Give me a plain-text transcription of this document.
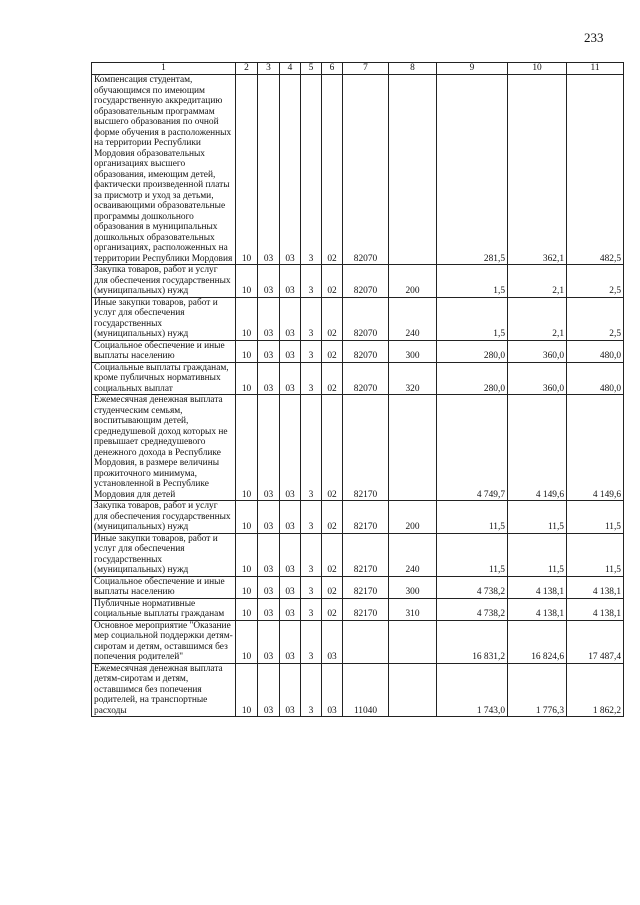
233
1	2	3	4	5	6	7	8	9	10	11
Компенсация студентам, обучающимся по имеющим государственную аккредитацию образовательным программам высшего образования по очной форме обучения в расположенных на территории Республики Мордовия образовательных организациях высшего образования, имеющим детей, фактически произведенной платы за присмотр и уход за детьми, осваивающими образовательные программы дошкольного образования в муниципальных дошкольных образовательных организациях, расположенных на территории Республики Мордовия	10	03	03	3	02	82070		281,5	362,1	482,5
Закупка товаров, работ и услуг для обеспечения государственных (муниципальных) нужд	10	03	03	3	02	82070	200	1,5	2,1	2,5
Иные закупки товаров, работ и услуг для обеспечения государственных (муниципальных) нужд	10	03	03	3	02	82070	240	1,5	2,1	2,5
Социальное обеспечение и иные выплаты населению	10	03	03	3	02	82070	300	280,0	360,0	480,0
Социальные выплаты гражданам, кроме публичных нормативных социальных выплат	10	03	03	3	02	82070	320	280,0	360,0	480,0
Ежемесячная денежная выплата студенческим семьям, воспитывающим детей, среднедушевой доход которых не превышает среднедушевого денежного дохода в Республике Мордовия, в размере величины прожиточного минимума, установленной в Республике Мордовия для детей	10	03	03	3	02	82170		4 749,7	4 149,6	4 149,6
Закупка товаров, работ и услуг для обеспечения государственных (муниципальных) нужд	10	03	03	3	02	82170	200	11,5	11,5	11,5
Иные закупки товаров, работ и услуг для обеспечения государственных (муниципальных) нужд	10	03	03	3	02	82170	240	11,5	11,5	11,5
Социальное обеспечение и иные выплаты населению	10	03	03	3	02	82170	300	4 738,2	4 138,1	4 138,1
Публичные нормативные социальные выплаты гражданам	10	03	03	3	02	82170	310	4 738,2	4 138,1	4 138,1
Основное мероприятие "Оказание мер социальной поддержки детям-сиротам и детям, оставшимся без попечения родителей"	10	03	03	3	03			16 831,2	16 824,6	17 487,4
Ежемесячная денежная выплата детям-сиротам и детям, оставшимся без попечения родителей, на транспортные расходы	10	03	03	3	03	11040		1 743,0	1 776,3	1 862,2
